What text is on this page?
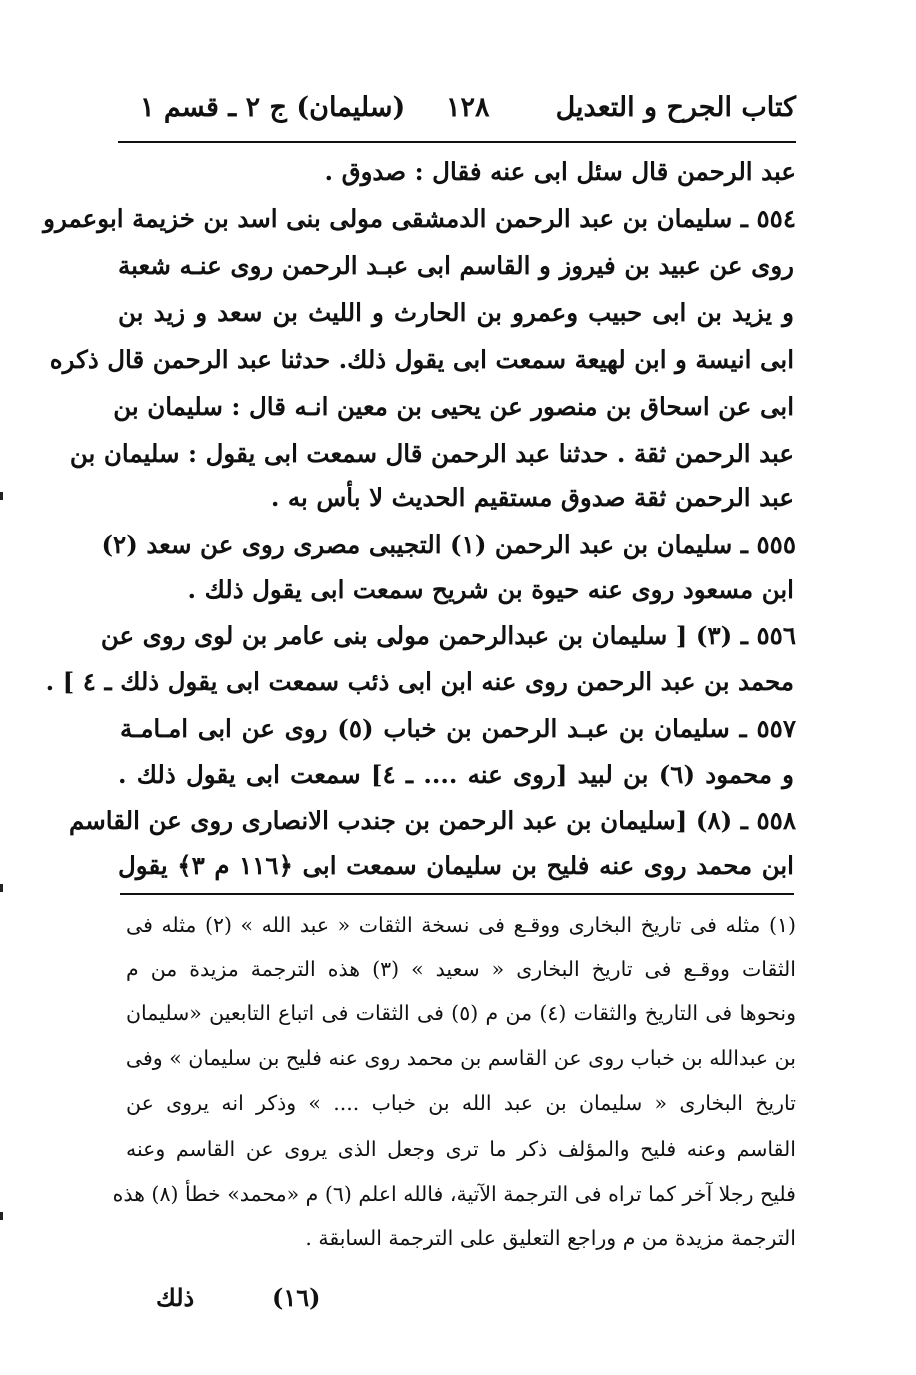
كتاب الجرح و التعديل
١٢٨
(سليمان) ج ٢ ـ قسم ١
عبد الرحمن قال سئل ابى عنه فقال : صدوق .
٥٥٤ ـ سليمان بن عبد الرحمن الدمشقى مولى بنى اسد بن خزيمة ابوعمرو
روى عن عبيد بن فيروز و القاسم ابى عبـد الرحمن روى عنـه شعبة
و يزيد بن ابى حبيب وعمرو بن الحارث و الليث بن سعد و زيد بن
ابى انيسة و ابن لهيعة سمعت ابى يقول ذلك. حدثنا عبد الرحمن قال ذكره
ابى عن اسحاق بن منصور عن يحيى بن معين انـه قال : سليمان بن
عبد الرحمن ثقة . حدثنا عبد الرحمن قال سمعت ابى يقول : سليمان بن
عبد الرحمن ثقة صدوق مستقيم الحديث لا بأس به .
٥٥٥ ـ سليمان بن عبد الرحمن (١) التجيبى مصرى روى عن سعد (٢)
ابن مسعود روى عنه حيوة بن شريح سمعت ابى يقول ذلك .
٥٥٦ ـ (٣) [ سليمان بن عبدالرحمن مولى بنى عامر بن لوى روى عن
محمد بن عبد الرحمن روى عنه ابن ابى ذئب سمعت ابى يقول ذلك ـ ٤ ] .
٥٥٧ ـ سليمان بن عبـد الرحمن بن خباب (٥) روى عن ابى امـامـة
و محمود (٦) بن لبيد [روى عنه .... ـ ٤] سمعت ابى يقول ذلك .
٥٥٨ ـ (٨) [سليمان بن عبد الرحمن بن جندب الانصارى روى عن القاسم
ابن محمد روى عنه فليح بن سليمان سمعت ابى ﴿١١٦ م ٣﴾ يقول
(١) مثله فى تاريخ البخارى ووقـع فى نسخة الثقات « عبد الله » (٢) مثله فى
الثقات ووقـع فى تاريخ البخارى « سعيد » (٣) هذه الترجمة مزيدة من م
ونحوها فى التاريخ والثقات (٤) من م (٥) فى الثقات فى اتباع التابعين «سليمان
بن عبدالله بن خباب روى عن القاسم بن محمد روى عنه فليح بن سليمان » وفى
تاريخ البخارى « سليمان بن عبد الله بن خباب .... » وذكر انه يروى عن
القاسم وعنه فليح والمؤلف ذكر ما ترى وجعل الذى يروى عن القاسم وعنه
فليح رجلا آخر كما تراه فى الترجمة الآتية، فالله اعلم (٦) م «محمد» خطأ (٨) هذه
الترجمة مزيدة من م وراجع التعليق على الترجمة السابقة .
(١٦)
ذلك
